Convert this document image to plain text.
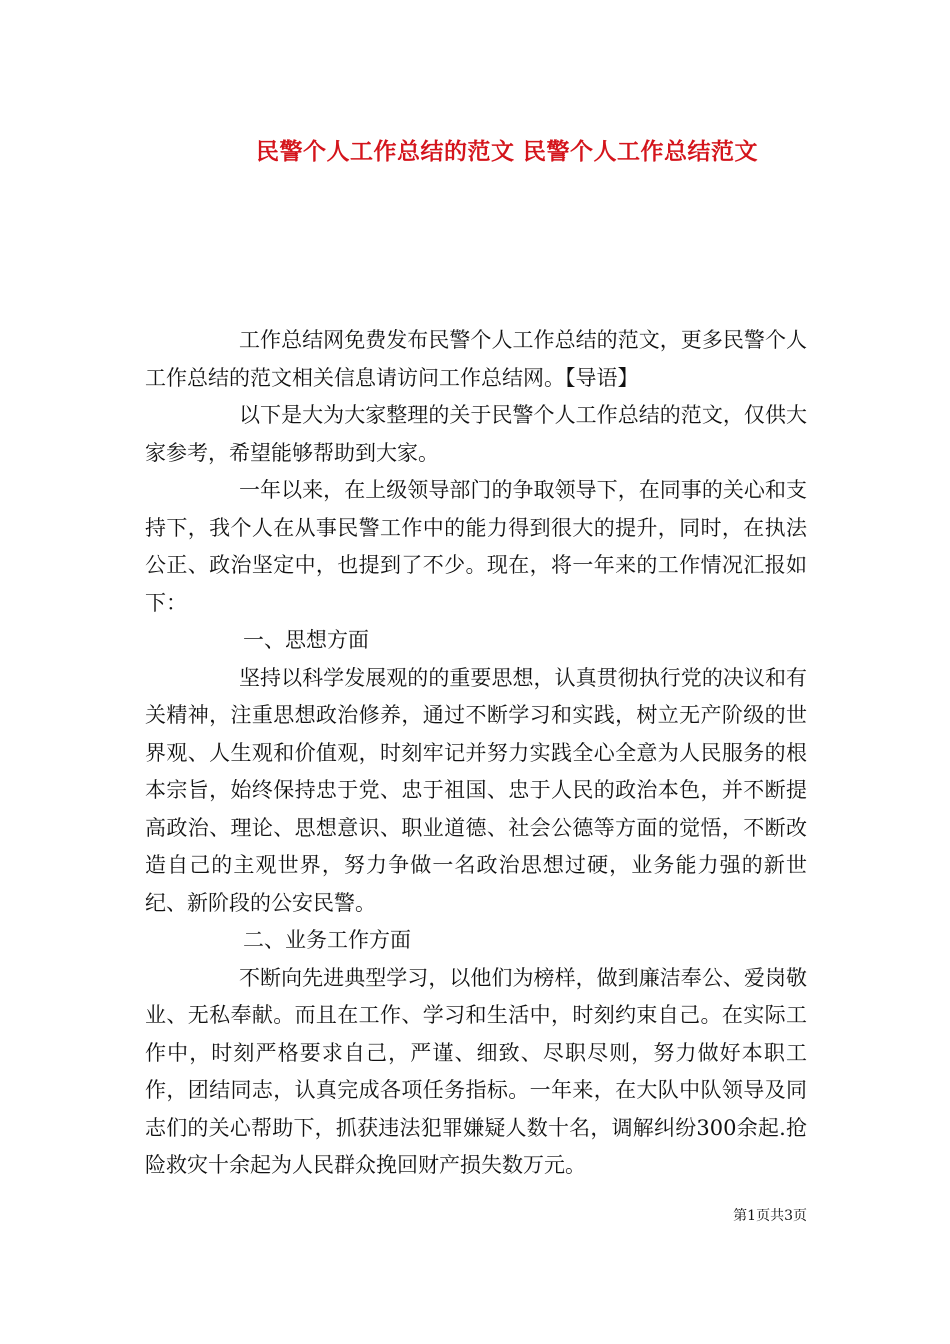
民警个人工作总结的范文 民警个人工作总结范文

工作总结网免费发布民警个人工作总结的范文，更多民警个人工作总结的范文相关信息请访问工作总结网。【导语】

以下是大为大家整理的关于民警个人工作总结的范文，仅供大家参考，希望能够帮助到大家。

一年以来，在上级领导部门的争取领导下，在同事的关心和支持下，我个人在从事民警工作中的能力得到很大的提升，同时，在执法公正、政治坚定中，也提到了不少。现在，将一年来的工作情况汇报如下：

一、思想方面

坚持以科学发展观的的重要思想，认真贯彻执行党的决议和有关精神，注重思想政治修养，通过不断学习和实践，树立无产阶级的世界观、人生观和价值观，时刻牢记并努力实践全心全意为人民服务的根本宗旨，始终保持忠于党、忠于祖国、忠于人民的政治本色，并不断提高政治、理论、思想意识、职业道德、社会公德等方面的觉悟，不断改造自己的主观世界，努力争做一名政治思想过硬，业务能力强的新世纪、新阶段的公安民警。

二、业务工作方面

不断向先进典型学习，以他们为榜样，做到廉洁奉公、爱岗敬业、无私奉献。而且在工作、学习和生活中，时刻约束自己。在实际工作中，时刻严格要求自己，严谨、细致、尽职尽则，努力做好本职工作，团结同志，认真完成各项任务指标。一年来，在大队中队领导及同志们的关心帮助下，抓获违法犯罪嫌疑人数十名，调解纠纷300余起.抢险救灾十余起为人民群众挽回财产损失数万元。

第1页共3页
